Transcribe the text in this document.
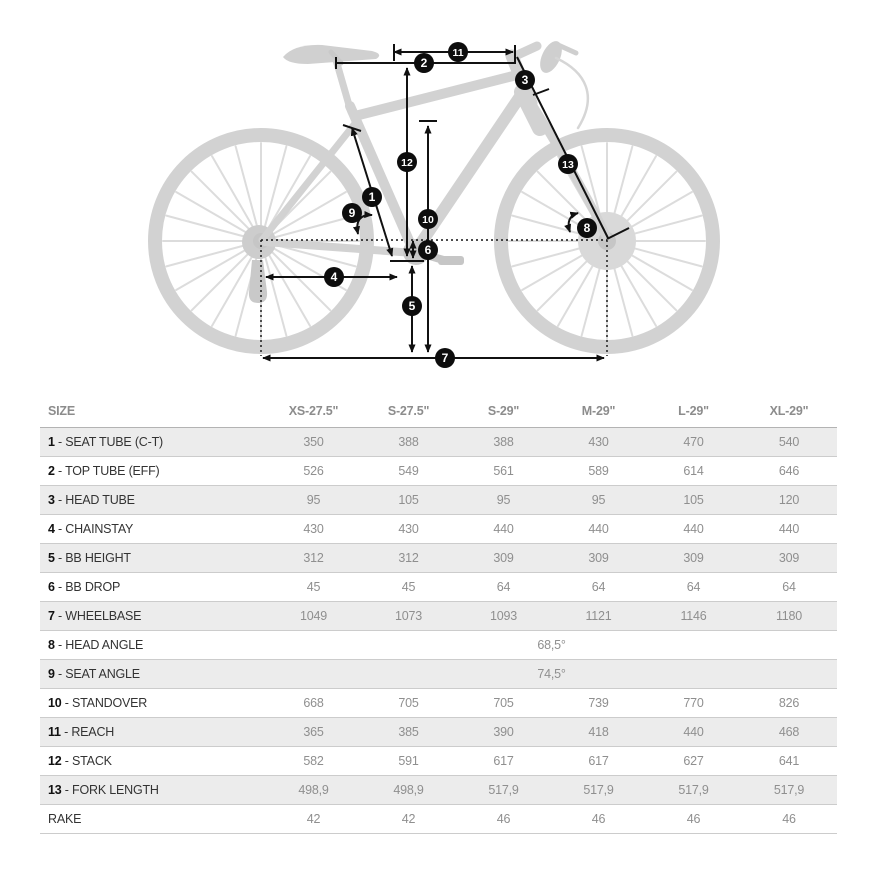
1
2
3
4
5
6
7
8
9	10
11
12	13
SIZE	XS-27.5"	S-27.5"	S-29"	M-29"	L-29"	XL-29"
1 - SEAT TUBE (C-T)	350	388	388	430	470	540
2 - TOP TUBE (EFF)	526	549	561	589	614	646
3 - HEAD TUBE	95	105	95	95	105	120
4 - CHAINSTAY	430	430	440	440	440	440
5 - BB HEIGHT	312	312	309	309	309	309
6 - BB DROP	45	45	64	64	64	64
7 - WHEELBASE	1049	1073	1093	1121	1146	1180
8 - HEAD ANGLE	68,5°					
9 - SEAT ANGLE	74,5°					
10 - STANDOVER	668	705	705	739	770	826
11 - REACH	365	385	390	418	440	468
12 - STACK	582	591	617	617	627	641
13 - FORK LENGTH	498,9	498,9	517,9	517,9	517,9	517,9
RAKE	42	42	46	46	46	46
